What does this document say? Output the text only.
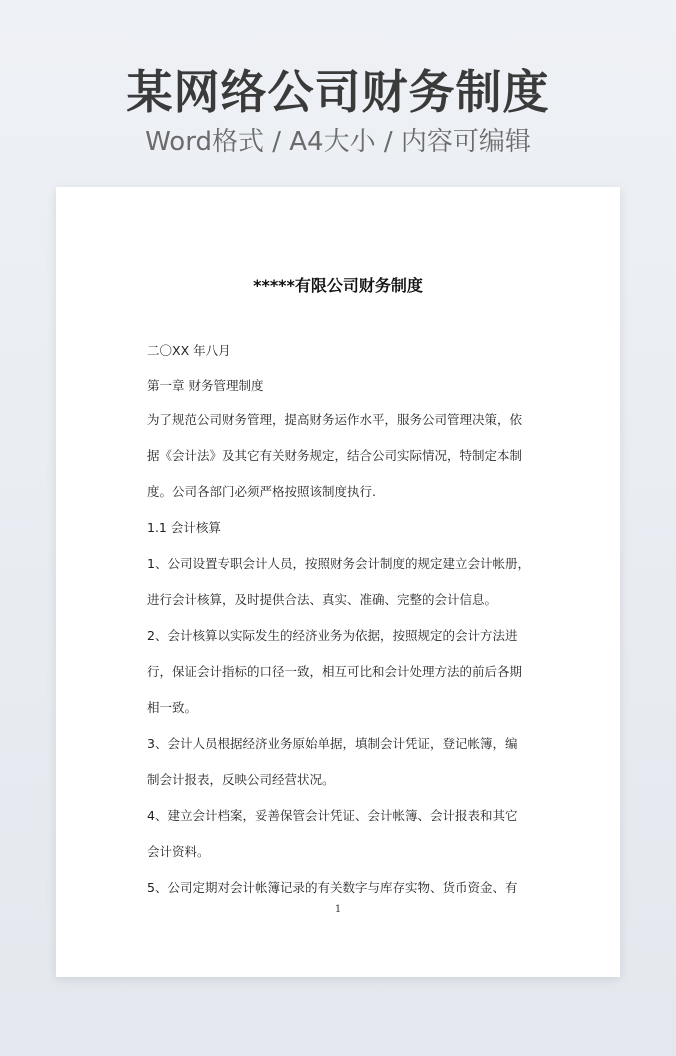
某网络公司财务制度
Word格式 / A4大小 / 内容可编辑
*****有限公司财务制度
二〇XX 年八月
第一章 财务管理制度
为了规范公司财务管理，提高财务运作水平，服务公司管理决策，依
据《会计法》及其它有关财务规定，结合公司实际情况，特制定本制
度。公司各部门必须严格按照该制度执行.
1.1 会计核算
1、公司设置专职会计人员，按照财务会计制度的规定建立会计帐册，
进行会计核算，及时提供合法、真实、准确、完整的会计信息。
2、会计核算以实际发生的经济业务为依据，按照规定的会计方法进
行，保证会计指标的口径一致，相互可比和会计处理方法的前后各期
相一致。
3、会计人员根据经济业务原始单据，填制会计凭证，登记帐簿，编
制会计报表，反映公司经营状况。
4、建立会计档案，妥善保管会计凭证、会计帐簿、会计报表和其它
会计资料。
5、公司定期对会计帐簿记录的有关数字与库存实物、货币资金、有
1
